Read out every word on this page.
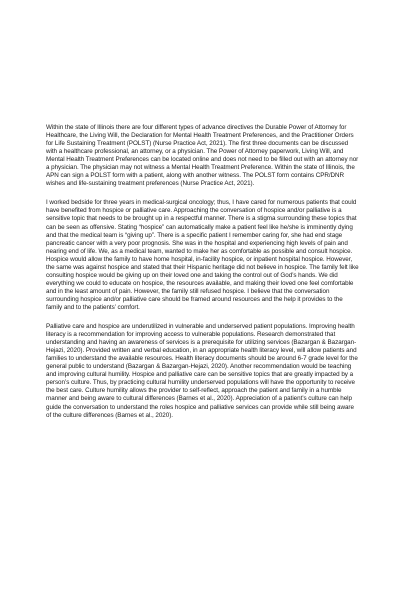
Within the state of Illinois there are four different types of advance directives the Durable Power of Attorney for Healthcare, the Living Will, the Declaration for Mental Health Treatment Preferences, and the Practitioner Orders for Life Sustaining Treatment (POLST) (Nurse Practice Act, 2021). The first three documents can be discussed with a healthcare professional, an attorney, or a physician. The Power of Attorney paperwork, Living Will, and Mental Health Treatment Preferences can be located online and does not need to be filled out with an attorney nor a physician. The physician may not witness a Mental Health Treatment Preference. Within the state of Illinois, the APN can sign a POLST form with a patient, along with another witness. The POLST form contains CPR/DNR wishes and life-sustaining treatment preferences (Nurse Practice Act, 2021).

I worked bedside for three years in medical-surgical oncology; thus, I have cared for numerous patients that could have benefited from hospice or palliative care. Approaching the conversation of hospice and/or palliative is a sensitive topic that needs to be brought up in a respectful manner. There is a stigma surrounding these topics that can be seen as offensive. Stating “hospice” can automatically make a patient feel like he/she is imminently dying and that the medical team is “giving up”. There is a specific patient I remember caring for, she had end stage pancreatic cancer with a very poor prognosis. She was in the hospital and experiencing high levels of pain and nearing end of life. We, as a medical team, wanted to make her as comfortable as possible and consult hospice. Hospice would allow the family to have home hospital, in-facility hospice, or inpatient hospital hospice. However, the same was against hospice and stated that their Hispanic heritage did not believe in hospice. The family felt like consulting hospice would be giving up on their loved one and taking the control out of God’s hands. We did everything we could to educate on hospice, the resources available, and making their loved one feel comfortable and in the least amount of pain. However, the family still refused hospice. I believe that the conversation surrounding hospice and/or palliative care should be framed around resources and the help it provides to the family and to the patients’ comfort.

Palliative care and hospice are underutilized in vulnerable and underserved patient populations. Improving health literacy is a recommendation for improving access to vulnerable populations. Research demonstrated that understanding and having an awareness of services is a prerequisite for utilizing services (Bazargan & Bazargan-Hejazi, 2020). Provided written and verbal education, in an appropriate health literacy level, will allow patients and families to understand the available resources. Health literacy documents should be around 6-7 grade level for the general public to understand (Bazargan & Bazargan-Hejazi, 2020). Another recommendation would be teaching and improving cultural humility. Hospice and palliative care can be sensitive topics that are greatly impacted by a person’s culture. Thus, by practicing cultural humility underserved populations will have the opportunity to receive the best care. Culture humility allows the provider to self-reflect, approach the patient and family in a humble manner and being aware to cultural differences (Barnes et al., 2020). Appreciation of a patient’s culture can help guide the conversation to understand the roles hospice and palliative services can provide while still being aware of the culture differences (Barnes et al., 2020).
